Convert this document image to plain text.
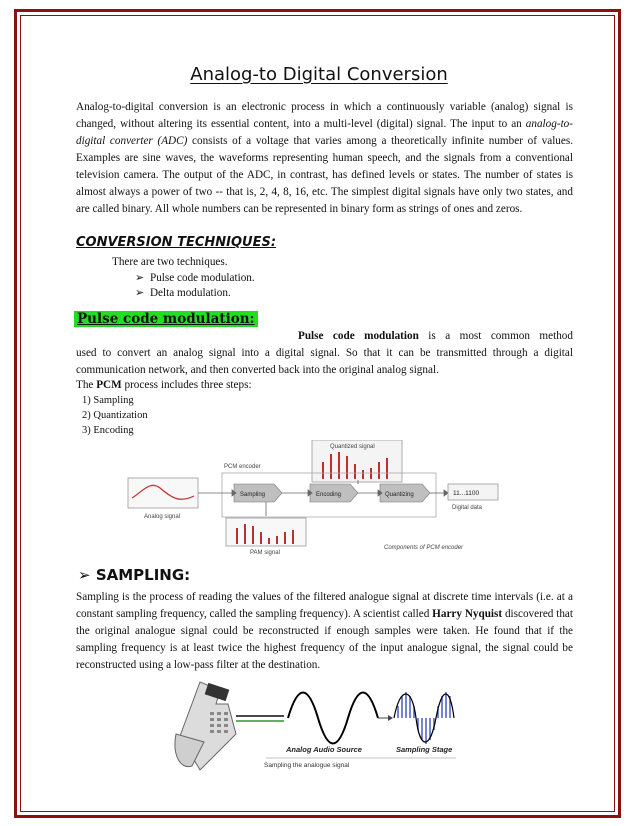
Analog-to Digital Conversion

Analog-to-digital conversion is an electronic process in which a continuously variable (analog) signal is changed, without altering its essential content, into a multi-level (digital) signal. The input to an analog-to-digital converter (ADC) consists of a voltage that varies among a theoretically infinite number of values. Examples are sine waves, the waveforms representing human speech, and the signals from a conventional television camera. The output of the ADC, in contrast, has defined levels or states. The number of states is almost always a power of two -- that is, 2, 4, 8, 16, etc. The simplest digital signals have only two states, and are called binary. All whole numbers can be represented in binary form as strings of ones and zeros.

CONVERSION TECHNIQUES:
There are two techniques.
➢ Pulse code modulation.
➢ Delta modulation.
Pulse code modulation:
Pulse code modulation is a most common method

used to convert an analog signal into a digital signal. So that it can be transmitted through a digital communication network, and then converted back into the original analog signal.

The PCM process includes three steps:
1) Sampling
2) Quantization
3) Encoding
Quantized signal
PCM encoder
Analog signal
Sampling	Encoding	Quantizing	11...1100
Digital data
PAM signal
Components of PCM encoder
➢ SAMPLING:

Sampling is the process of reading the values of the filtered analogue signal at discrete time intervals (i.e. at a constant sampling frequency, called the sampling frequency). A scientist called Harry Nyquist discovered that the original analogue signal could be reconstructed if enough samples were taken. He found that if the sampling frequency is at least twice the highest frequency of the input analogue signal, the signal could be reconstructed using a low-pass filter at the destination.

Analog Audio Source	Sampling Stage
Sampling the analogue signal
